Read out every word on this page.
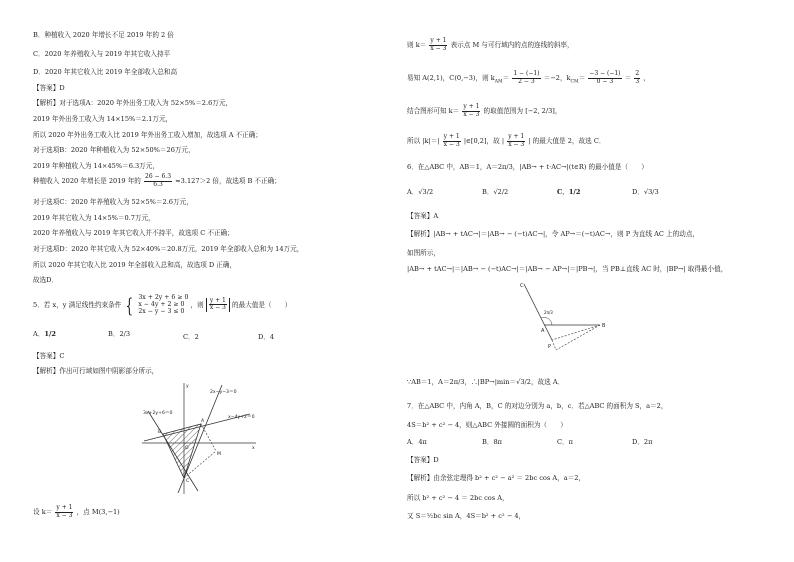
B．种植收入 2020 年增长不足 2019 年的 2 倍
C．2020 年养殖收入与 2019 年其它收入持平
D．2020 年其它收入比 2019 年全部收入总和高
【答案】D
【解析】对于选项A：2020 年外出务工收入为 52×5%＝2.6万元，
2019 年外出务工收入为 14×15%＝2.1万元，
所以 2020 年外出务工收入比 2019 年外出务工收入增加，故选项 A 不正确；
对于选项B：2020 年种植收入为 52×50%＝26万元，
2019 年种植收入为 14×45%＝6.3万元，
种植收入 2020 年增长是 2019 年的 $\frac{26 - 6.3}{6.3} \approx 3.127>2$ 倍，故选项 B 不正确；
对于选项C：2020 年养殖收入为 52×5%＝2.6万元，
2019 年其它收入为 14×5%＝0.7万元，
2020 年养殖收入与 2019 年其它收入并不持平，故选项 C 不正确；
对于选项D：2020 年其它收入为 52×40%＝20.8万元，2019 年全部收入总和为 14万元，
所以 2020 年其它收入比 2019 年全部收入总和高，故选项 D 正确，
故选D．
5．若 x，y 满足线性约束条件 { 3x + 2y + 6 ≥ 0
x − 4y + 2 ≥ 0
2x − y − 3 ≤ 0
，则 $\frac{y + 1}{x - 3}$ 的最大值是（　　）
A．1/2	B．2/3	C．2	D．4
【答案】C
【解析】作出可行域如图中阴影部分所示，
2x−y−3＝0
3x+2y+6＝0
x−4y+2＝0
y
x
O
A
B
C
M
设 $k= \frac{y + 1}{x - 3}$ ，点 M(3,−1)
则 $k= \frac{y + 1}{x - 3}$ 表示点 M 与可行域内的点的连线的斜率，
易知 A(2,1)，C(0,−3)，则 $k_{AM}= \frac{1 - (-1)}{2 - 3} =-2$，$k_{CM}= \frac{-3 - (-1)}{0 - 3} = \frac{2}{3}$ ，
结合图形可知 $k= \frac{y + 1}{x - 3}$ 的取值范围为 [−2, 2/3]，
所以 $|k|=| \frac{y + 1}{x - 3}$ |∈[0,2]，故 | $\frac{y + 1}{x - 3}$ | 的最大值是 2，故选 C．
6．在△ABC 中，AB＝1，A＝2π/3，|AB→ + t·AC→|(t∈R) 的最小值是（　　）
A．√3/2	B．√2/2	C．1/2	D．√3/3
【答案】A
【解析】|AB→ + tAC→|＝|AB→ − (−t)AC→|，令 AP→＝(−t)AC→，则 P 为直线 AC 上的动点，
如图所示，
|AB→ + tAC→|＝|AB→ − (−t)AC→|＝|AB→ − AP→|＝|PB→|，当 PB⊥直线 AC 时，|BP→| 取得最小值，
C
A
B
P
2π/3
∵AB＝1，A＝2π/3，∴|BP→|min＝√3/2，故选 A．
7．在△ABC 中，内角 A，B，C 的对边分别为 a，b，c．若△ABC 的面积为 S，a＝2，
4S＝b² + c² − 4，则△ABC 外接圆的面积为（　　）
A．4π	B．8π	C．π	D．2π
【答案】D
【解析】由余弦定理得 b² + c² − a² ＝ 2bc cos A，a＝2，
所以 b² + c² − 4 ＝ 2bc cos A，
又 S＝½bc sin A，4S＝b² + c² − 4，
